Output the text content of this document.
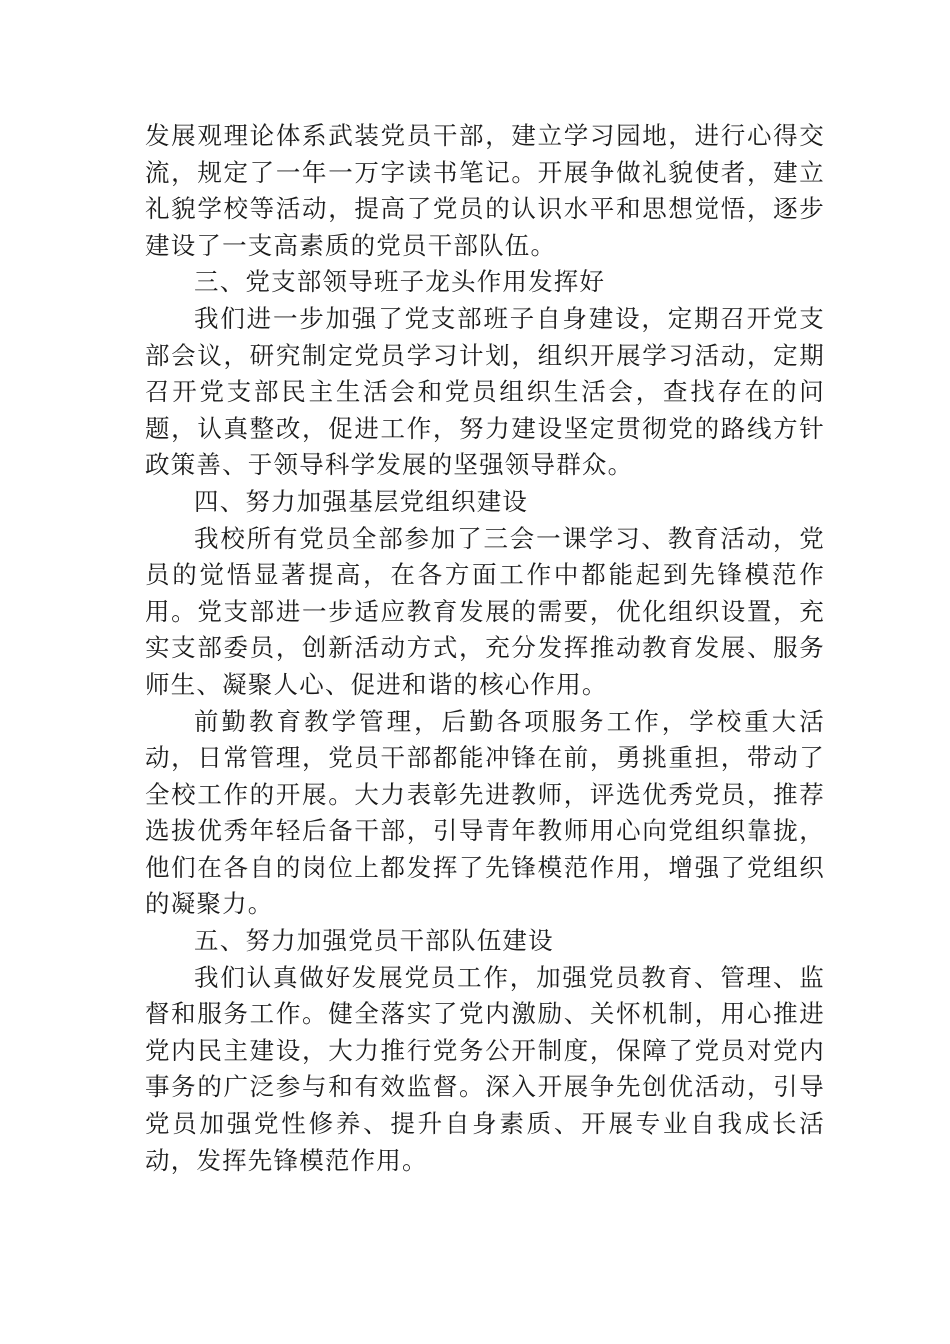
发展观理论体系武装党员干部，建立学习园地，进行心得交流，规定了一年一万字读书笔记。开展争做礼貌使者，建立礼貌学校等活动，提高了党员的认识水平和思想觉悟，逐步建设了一支高素质的党员干部队伍。

三、党支部领导班子龙头作用发挥好

我们进一步加强了党支部班子自身建设，定期召开党支部会议，研究制定党员学习计划，组织开展学习活动，定期召开党支部民主生活会和党员组织生活会，查找存在的问题，认真整改，促进工作，努力建设坚定贯彻党的路线方针政策善、于领导科学发展的坚强领导群众。

四、努力加强基层党组织建设

我校所有党员全部参加了三会一课学习、教育活动，党员的觉悟显著提高，在各方面工作中都能起到先锋模范作用。党支部进一步适应教育发展的需要，优化组织设置，充实支部委员，创新活动方式，充分发挥推动教育发展、服务师生、凝聚人心、促进和谐的核心作用。

前勤教育教学管理，后勤各项服务工作，学校重大活动，日常管理，党员干部都能冲锋在前，勇挑重担，带动了全校工作的开展。大力表彰先进教师，评选优秀党员，推荐选拔优秀年轻后备干部，引导青年教师用心向党组织靠拢，他们在各自的岗位上都发挥了先锋模范作用，增强了党组织的凝聚力。

五、努力加强党员干部队伍建设

我们认真做好发展党员工作，加强党员教育、管理、监督和服务工作。健全落实了党内激励、关怀机制，用心推进党内民主建设，大力推行党务公开制度，保障了党员对党内事务的广泛参与和有效监督。深入开展争先创优活动，引导党员加强党性修养、提升自身素质、开展专业自我成长活动，发挥先锋模范作用。
